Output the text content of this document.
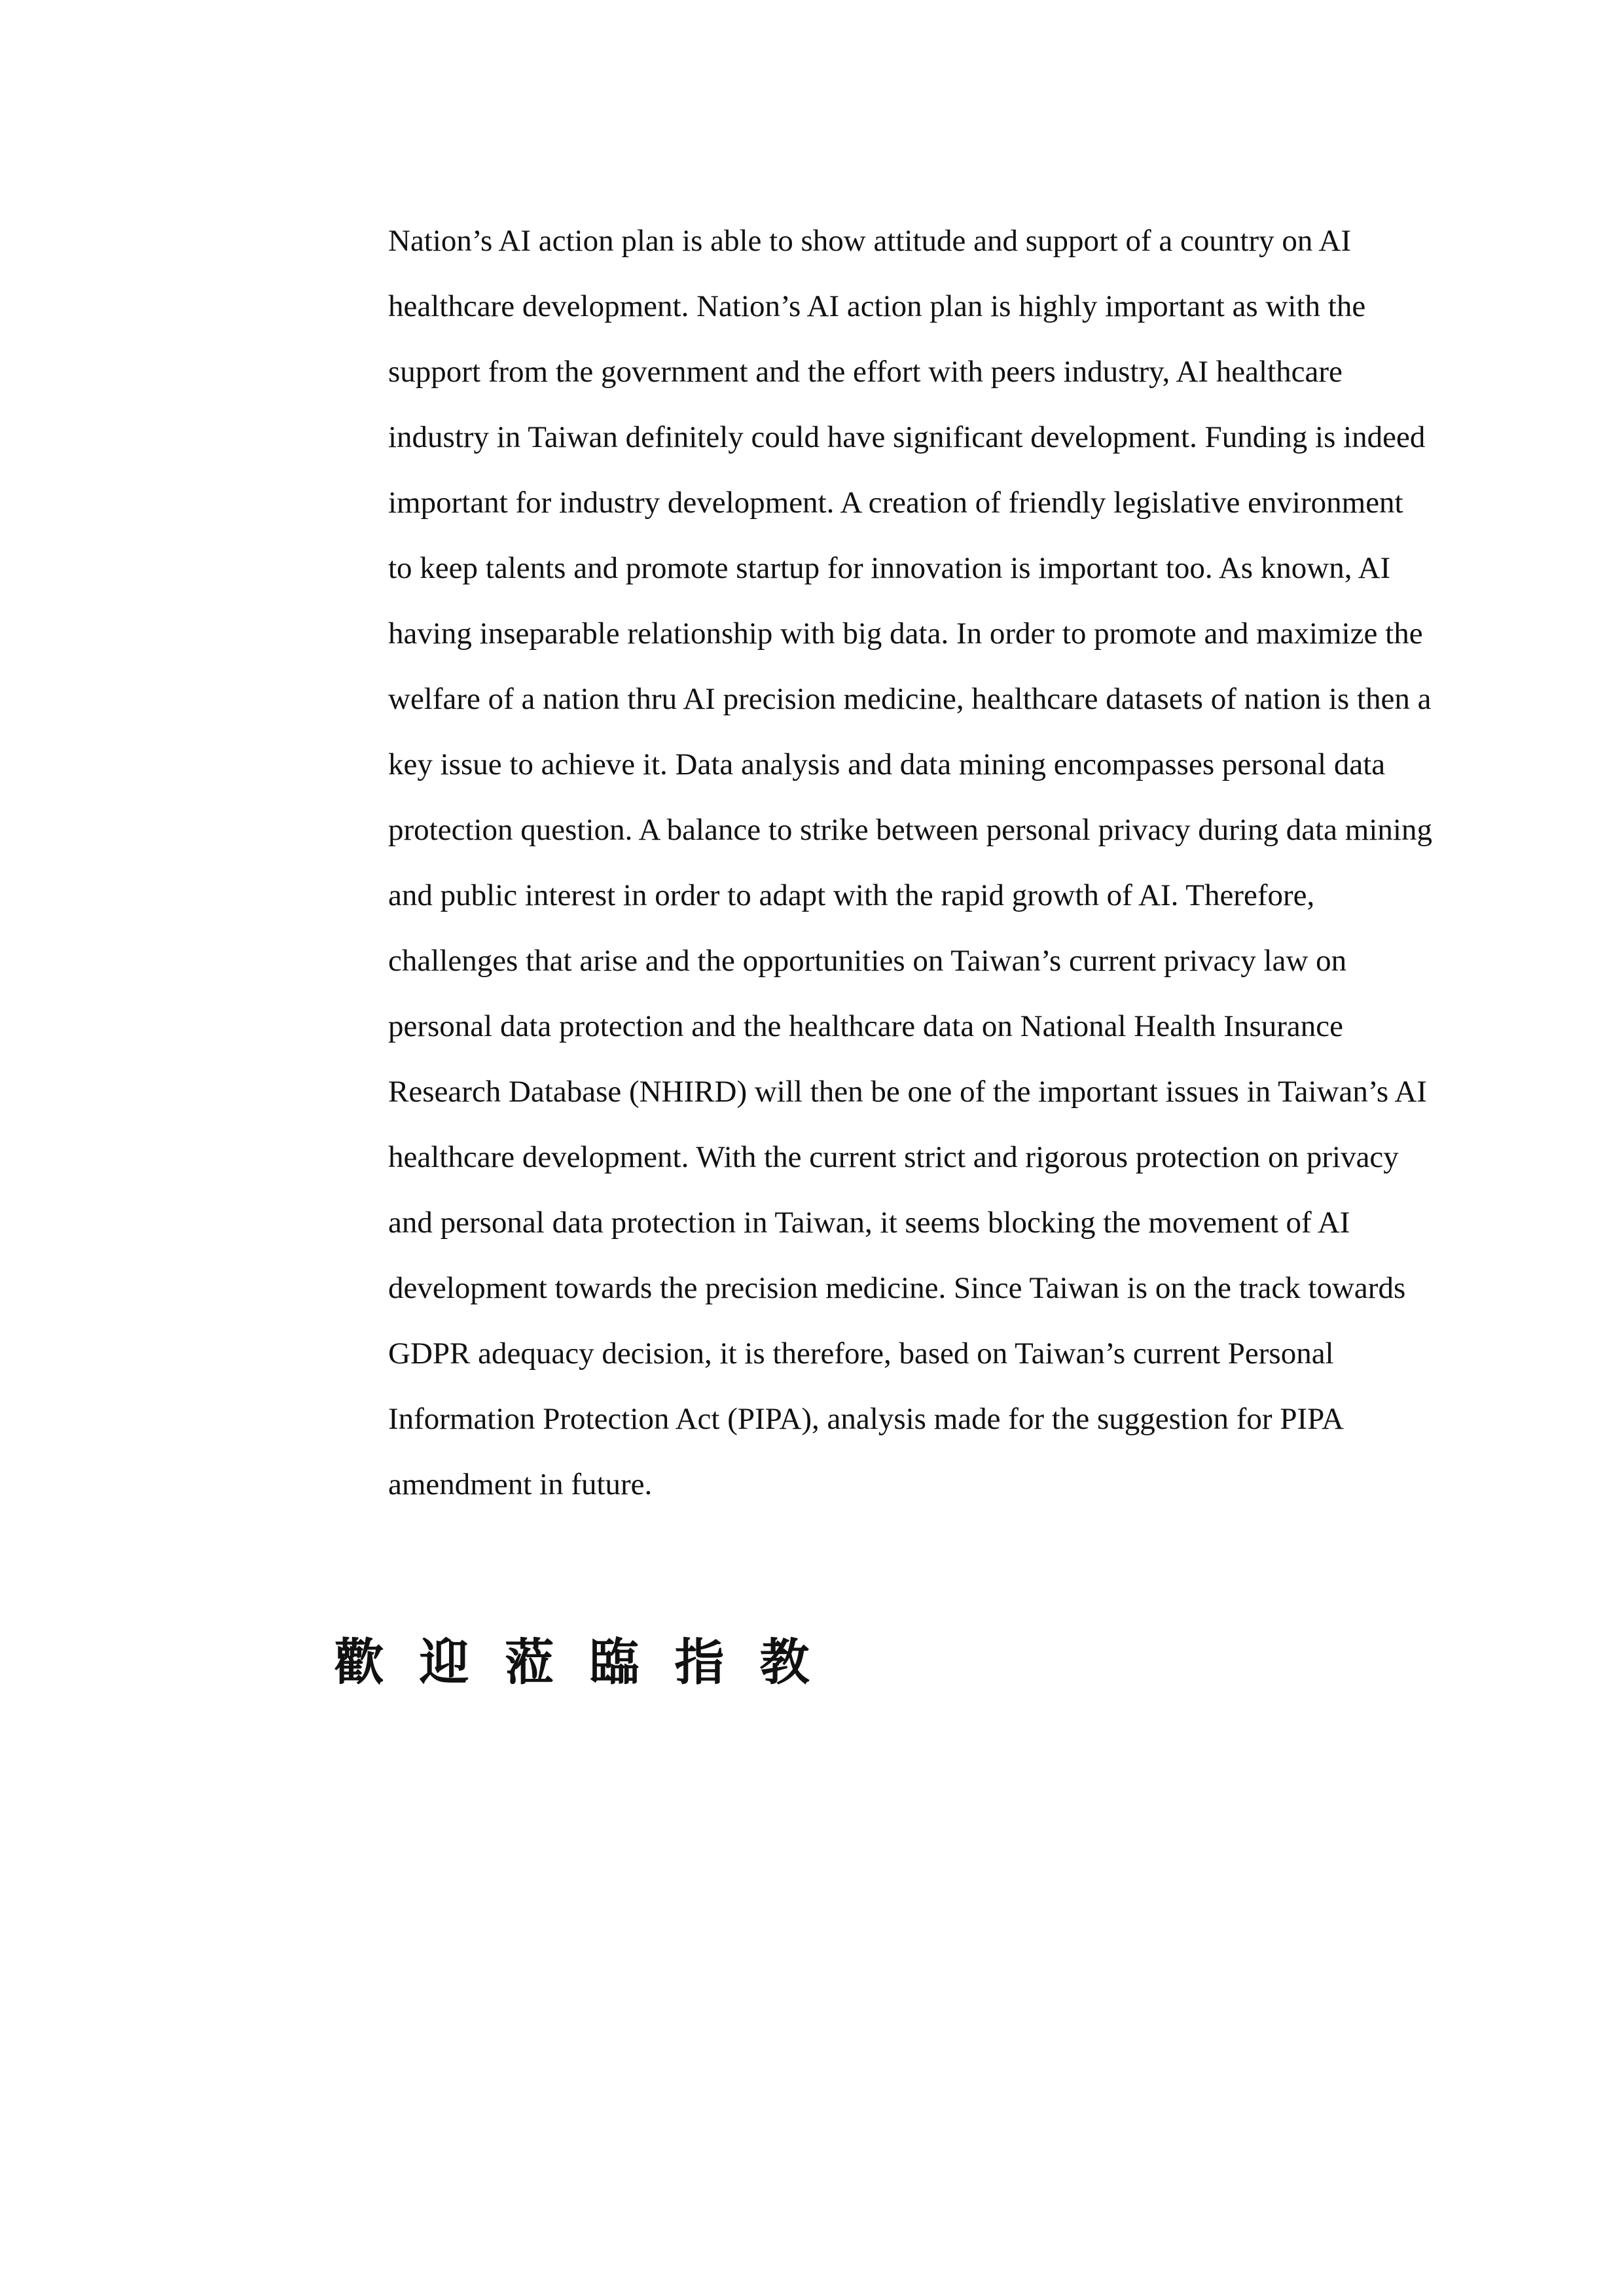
Nation’s AI action plan is able to show attitude and support of a country on AI
healthcare development. Nation’s AI action plan is highly important as with the
support from the government and the effort with peers industry, AI healthcare
industry in Taiwan definitely could have significant development. Funding is indeed
important for industry development. A creation of friendly legislative environment
to keep talents and promote startup for innovation is important too. As known, AI
having inseparable relationship with big data. In order to promote and maximize the
welfare of a nation thru AI precision medicine, healthcare datasets of nation is then a
key issue to achieve it. Data analysis and data mining encompasses personal data
protection question. A balance to strike between personal privacy during data mining
and public interest in order to adapt with the rapid growth of AI. Therefore,
challenges that arise and the opportunities on Taiwan’s current privacy law on
personal data protection and the healthcare data on National Health Insurance
Research Database (NHIRD) will then be one of the important issues in Taiwan’s AI
healthcare development. With the current strict and rigorous protection on privacy
and personal data protection in Taiwan, it seems blocking the movement of AI
development towards the precision medicine. Since Taiwan is on the track towards
GDPR adequacy decision, it is therefore, based on Taiwan’s current Personal
Information Protection Act (PIPA), analysis made for the suggestion for PIPA
amendment in future.
歡迎蒞臨指教
